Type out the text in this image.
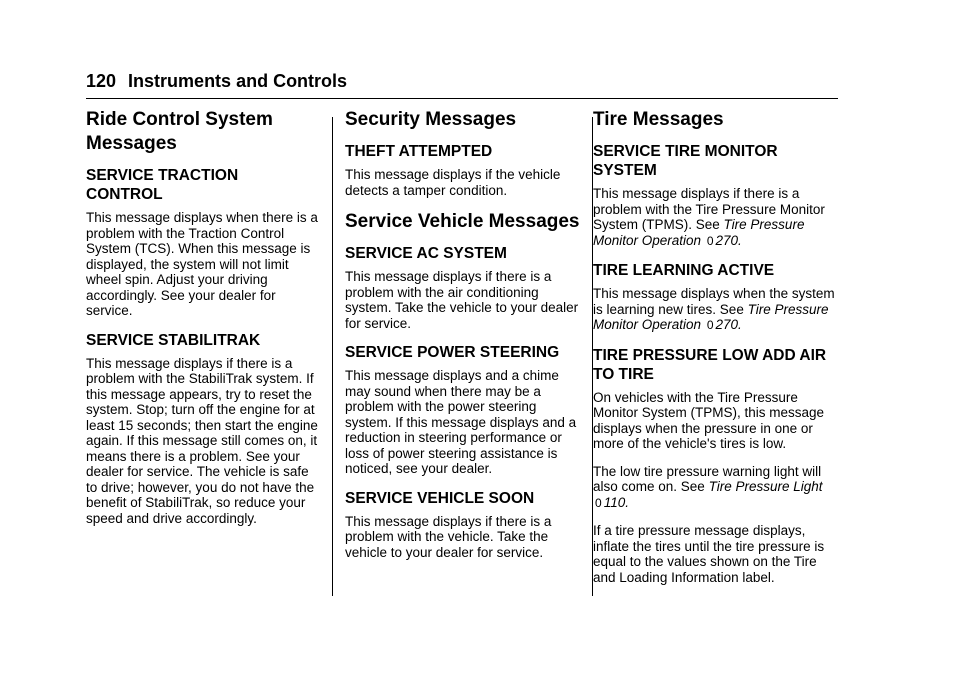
120 Instruments and Controls
Ride Control System Messages
SERVICE TRACTION CONTROL

This message displays when there is a problem with the Traction Control System (TCS). When this message is displayed, the system will not limit wheel spin. Adjust your driving accordingly. See your dealer for service.

SERVICE STABILITRAK

This message displays if there is a problem with the StabiliTrak system. If this message appears, try to reset the system. Stop; turn off the engine for at least 15 seconds; then start the engine again. If this message still comes on, it means there is a problem. See your dealer for service. The vehicle is safe to drive; however, you do not have the benefit of StabiliTrak, so reduce your speed and drive accordingly.

Security Messages
THEFT ATTEMPTED

This message displays if the vehicle detects a tamper condition.

Service Vehicle Messages
SERVICE AC SYSTEM

This message displays if there is a problem with the air conditioning system. Take the vehicle to your dealer for service.

SERVICE POWER STEERING

This message displays and a chime may sound when there may be a problem with the power steering system. If this message displays and a reduction in steering performance or loss of power steering assistance is noticed, see your dealer.

SERVICE VEHICLE SOON

This message displays if there is a problem with the vehicle. Take the vehicle to your dealer for service.

Tire Messages
SERVICE TIRE MONITOR SYSTEM

This message displays if there is a problem with the Tire Pressure Monitor System (TPMS). See Tire Pressure Monitor Operation 0 270.

TIRE LEARNING ACTIVE

This message displays when the system is learning new tires. See Tire Pressure Monitor Operation 0 270.

TIRE PRESSURE LOW ADD AIR TO TIRE

On vehicles with the Tire Pressure Monitor System (TPMS), this message displays when the pressure in one or more of the vehicle's tires is low.

The low tire pressure warning light will also come on. See Tire Pressure Light 0 110.

If a tire pressure message displays, inflate the tires until the tire pressure is equal to the values shown on the Tire and Loading Information label.
